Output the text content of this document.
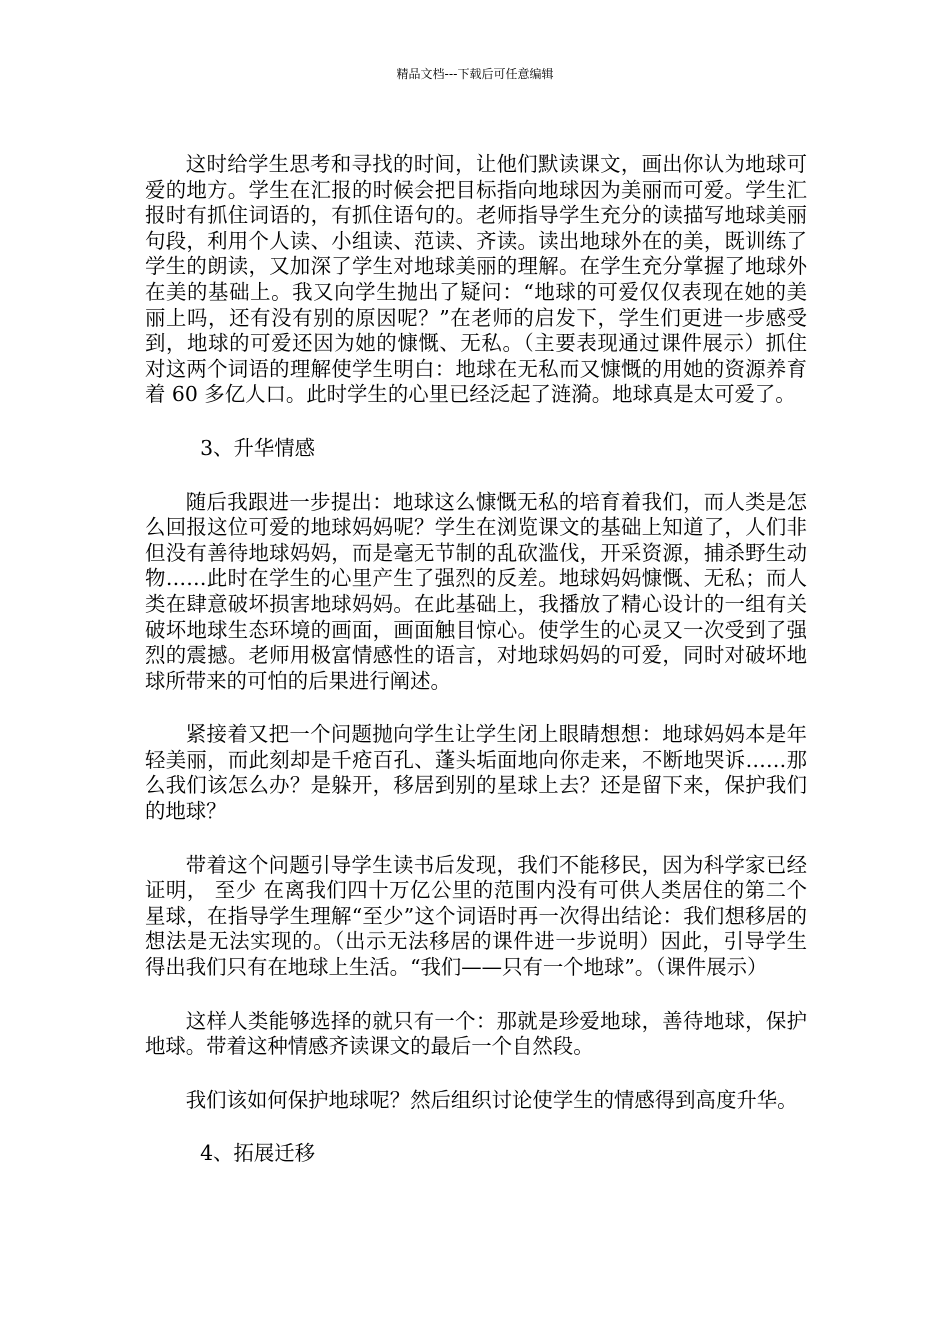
精品文档---下载后可任意编辑

这时给学生思考和寻找的时间，让他们默读课文，画出你认为地球可爱的地方。学生在汇报的时候会把目标指向地球因为美丽而可爱。学生汇报时有抓住词语的，有抓住语句的。老师指导学生充分的读描写地球美丽句段，利用个人读、小组读、范读、齐读。读出地球外在的美，既训练了学生的朗读，又加深了学生对地球美丽的理解。在学生充分掌握了地球外在美的基础上。我又向学生抛出了疑问：“地球的可爱仅仅表现在她的美丽上吗，还有没有别的原因呢？”在老师的启发下，学生们更进一步感受到，地球的可爱还因为她的慷慨、无私。（主要表现通过课件展示）抓住对这两个词语的理解使学生明白：地球在无私而又慷慨的用她的资源养育着 60 多亿人口。此时学生的心里已经泛起了涟漪。地球真是太可爱了。

3、升华情感

随后我跟进一步提出：地球这么慷慨无私的培育着我们，而人类是怎么回报这位可爱的地球妈妈呢？学生在浏览课文的基础上知道了，人们非但没有善待地球妈妈，而是毫无节制的乱砍滥伐，开采资源，捕杀野生动物……此时在学生的心里产生了强烈的反差。地球妈妈慷慨、无私；而人类在肆意破坏损害地球妈妈。在此基础上，我播放了精心设计的一组有关破坏地球生态环境的画面，画面触目惊心。使学生的心灵又一次受到了强烈的震撼。老师用极富情感性的语言，对地球妈妈的可爱，同时对破坏地球所带来的可怕的后果进行阐述。

紧接着又把一个问题抛向学生让学生闭上眼睛想想：地球妈妈本是年轻美丽，而此刻却是千疮百孔、蓬头垢面地向你走来，不断地哭诉……那么我们该怎么办？是躲开，移居到别的星球上去？还是留下来，保护我们的地球？

带着这个问题引导学生读书后发现，我们不能移民，因为科学家已经证明， 至少 在离我们四十万亿公里的范围内没有可供人类居住的第二个星球，在指导学生理解“至少”这个词语时再一次得出结论：我们想移居的想法是无法实现的。（出示无法移居的课件进一步说明）因此，引导学生得出我们只有在地球上生活。“我们——只有一个地球”。（课件展示）

这样人类能够选择的就只有一个：那就是珍爱地球，善待地球，保护地球。带着这种情感齐读课文的最后一个自然段。

我们该如何保护地球呢？然后组织讨论使学生的情感得到高度升华。

4、拓展迁移
